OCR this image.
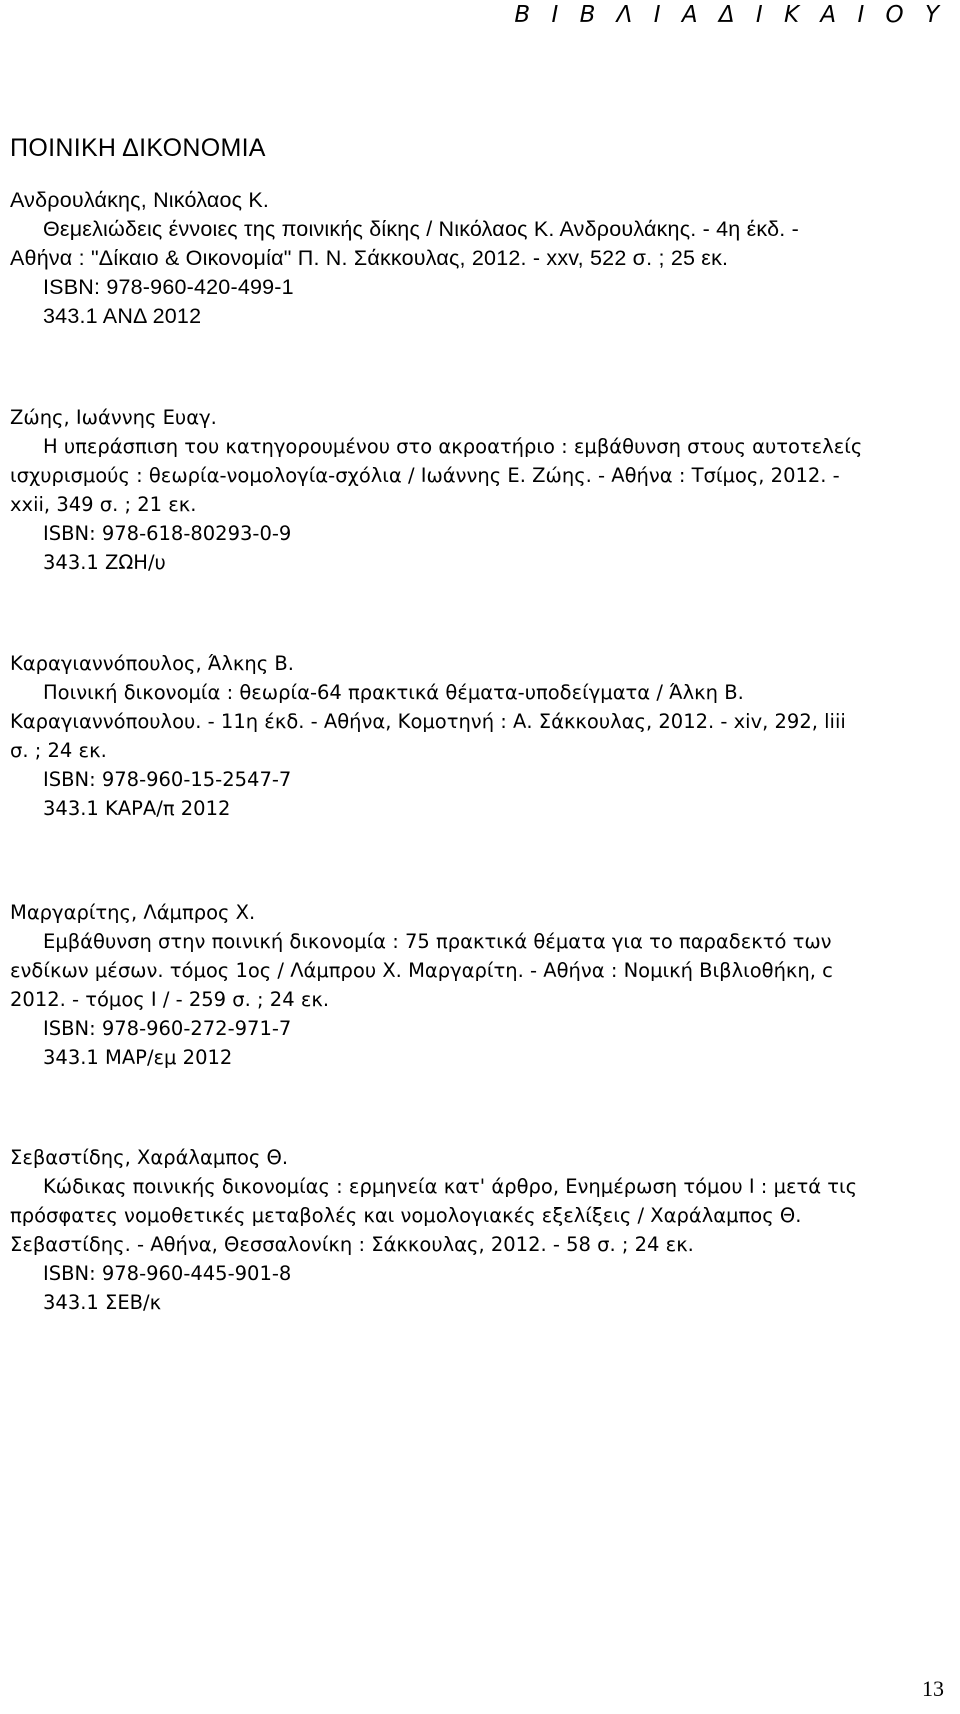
Β Ι Β Λ Ι Α Δ Ι Κ Α Ι Ο Υ
ΠΟΙΝΙΚΗ ΔΙΚΟΝΟΜΙΑ
Ανδρουλάκης, Νικόλαος Κ.
Θεμελιώδεις έννοιες της ποινικής δίκης / Νικόλαος Κ. Ανδρουλάκης. - 4η έκδ. -
Αθήνα : "Δίκαιο & Οικονομία" Π. Ν. Σάκκουλας, 2012. - xxv, 522 σ. ; 25 εκ.
ISBN: 978-960-420-499-1
343.1 ΑΝΔ 2012
Ζώης, Ιωάννης Ευαγ.
Η υπεράσπιση του κατηγορουμένου στο ακροατήριο : εμβάθυνση στους αυτοτελείς
ισχυρισμούς : θεωρία-νομολογία-σχόλια / Ιωάννης Ε. Ζώης. - Αθήνα : Τσίμος, 2012. -
xxii, 349 σ. ; 21 εκ.
ISBN: 978-618-80293-0-9
343.1 ΖΩΗ/υ
Καραγιαννόπουλος, Άλκης Β.
Ποινική δικονομία : θεωρία-64 πρακτικά θέματα-υποδείγματα / Άλκη Β.
Καραγιαννόπουλου. - 11η έκδ. - Αθήνα, Κομοτηνή : Α. Σάκκουλας, 2012. - xiv, 292, liii
σ. ; 24 εκ.
ISBN: 978-960-15-2547-7
343.1 ΚΑΡΑ/π 2012
Μαργαρίτης, Λάμπρος Χ.
Εμβάθυνση στην ποινική δικονομία : 75 πρακτικά θέματα για το παραδεκτό των
ενδίκων μέσων. τόμος 1ος / Λάμπρου Χ. Μαργαρίτη. - Αθήνα : Νομική Βιβλιοθήκη, c
2012. - τόμος Ι / - 259 σ. ; 24 εκ.
ISBN: 978-960-272-971-7
343.1 ΜΑΡ/εμ 2012
Σεβαστίδης, Χαράλαμπος Θ.
Κώδικας ποινικής δικονομίας : ερμηνεία κατ' άρθρο, Ενημέρωση τόμου Ι : μετά τις
πρόσφατες νομοθετικές μεταβολές και νομολογιακές εξελίξεις / Χαράλαμπος Θ.
Σεβαστίδης. - Αθήνα, Θεσσαλονίκη : Σάκκουλας, 2012. - 58 σ. ; 24 εκ.
ISBN: 978-960-445-901-8
343.1 ΣΕΒ/κ
13
